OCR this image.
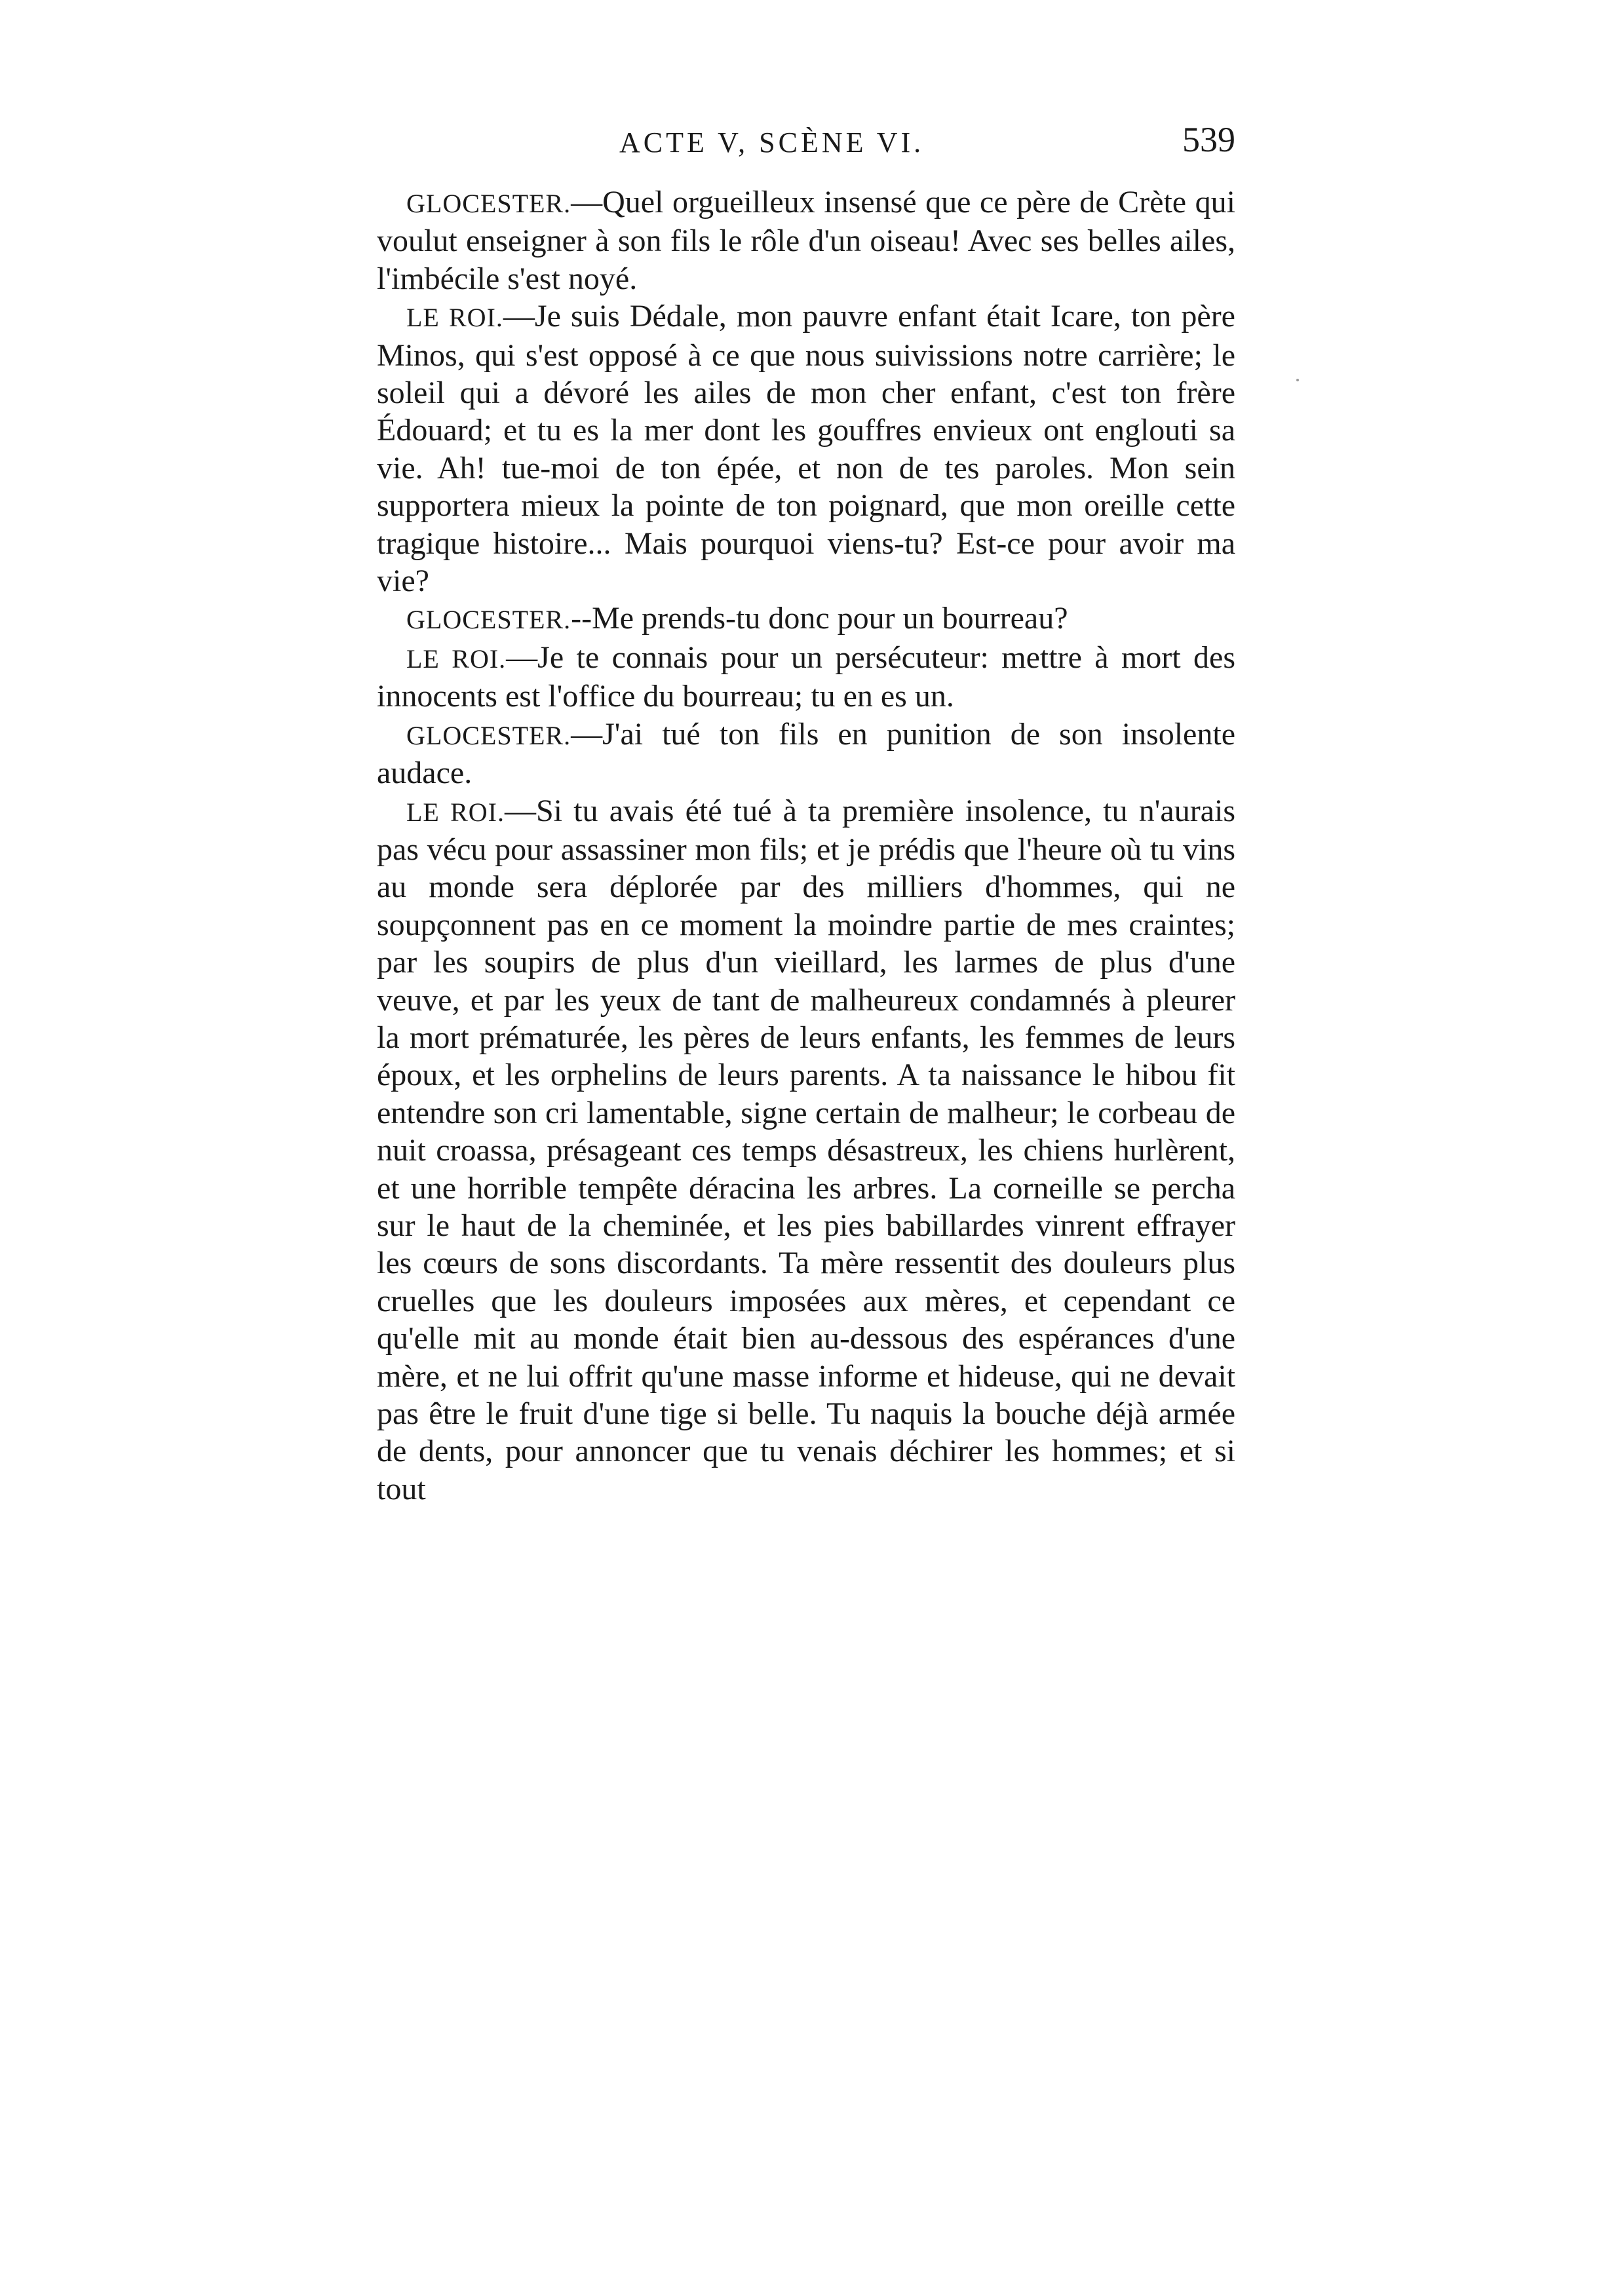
ACTE V, SCÈNE VI.	539

GLOCESTER.—Quel orgueilleux insensé que ce père de Crète qui voulut enseigner à son fils le rôle d'un oiseau! Avec ses belles ailes, l'imbécile s'est noyé.

LE ROI.—Je suis Dédale, mon pauvre enfant était Icare, ton père Minos, qui s'est opposé à ce que nous suivissions notre carrière; le soleil qui a dévoré les ailes de mon cher enfant, c'est ton frère Édouard; et tu es la mer dont les gouffres envieux ont englouti sa vie. Ah! tue-moi de ton épée, et non de tes paroles. Mon sein supportera mieux la pointe de ton poignard, que mon oreille cette tragique histoire... Mais pourquoi viens-tu? Est-ce pour avoir ma vie?

GLOCESTER.--Me prends-tu donc pour un bourreau?

LE ROI.—Je te connais pour un persécuteur: mettre à mort des innocents est l'office du bourreau; tu en es un.

GLOCESTER.—J'ai tué ton fils en punition de son insolente audace.

LE ROI.—Si tu avais été tué à ta première insolence, tu n'aurais pas vécu pour assassiner mon fils; et je prédis que l'heure où tu vins au monde sera déplorée par des milliers d'hommes, qui ne soupçonnent pas en ce moment la moindre partie de mes craintes; par les soupirs de plus d'un vieillard, les larmes de plus d'une veuve, et par les yeux de tant de malheureux condamnés à pleurer la mort prématurée, les pères de leurs enfants, les femmes de leurs époux, et les orphelins de leurs parents. A ta naissance le hibou fit entendre son cri lamentable, signe certain de malheur; le corbeau de nuit croassa, présageant ces temps désastreux, les chiens hurlèrent, et une horrible tempête déracina les arbres. La corneille se percha sur le haut de la cheminée, et les pies babillardes vinrent effrayer les cœurs de sons discordants. Ta mère ressentit des douleurs plus cruelles que les douleurs imposées aux mères, et cependant ce qu'elle mit au monde était bien au-dessous des espérances d'une mère, et ne lui offrit qu'une masse informe et hideuse, qui ne devait pas être le fruit d'une tige si belle. Tu naquis la bouche déjà armée de dents, pour annoncer que tu venais déchirer les hommes; et si tout
